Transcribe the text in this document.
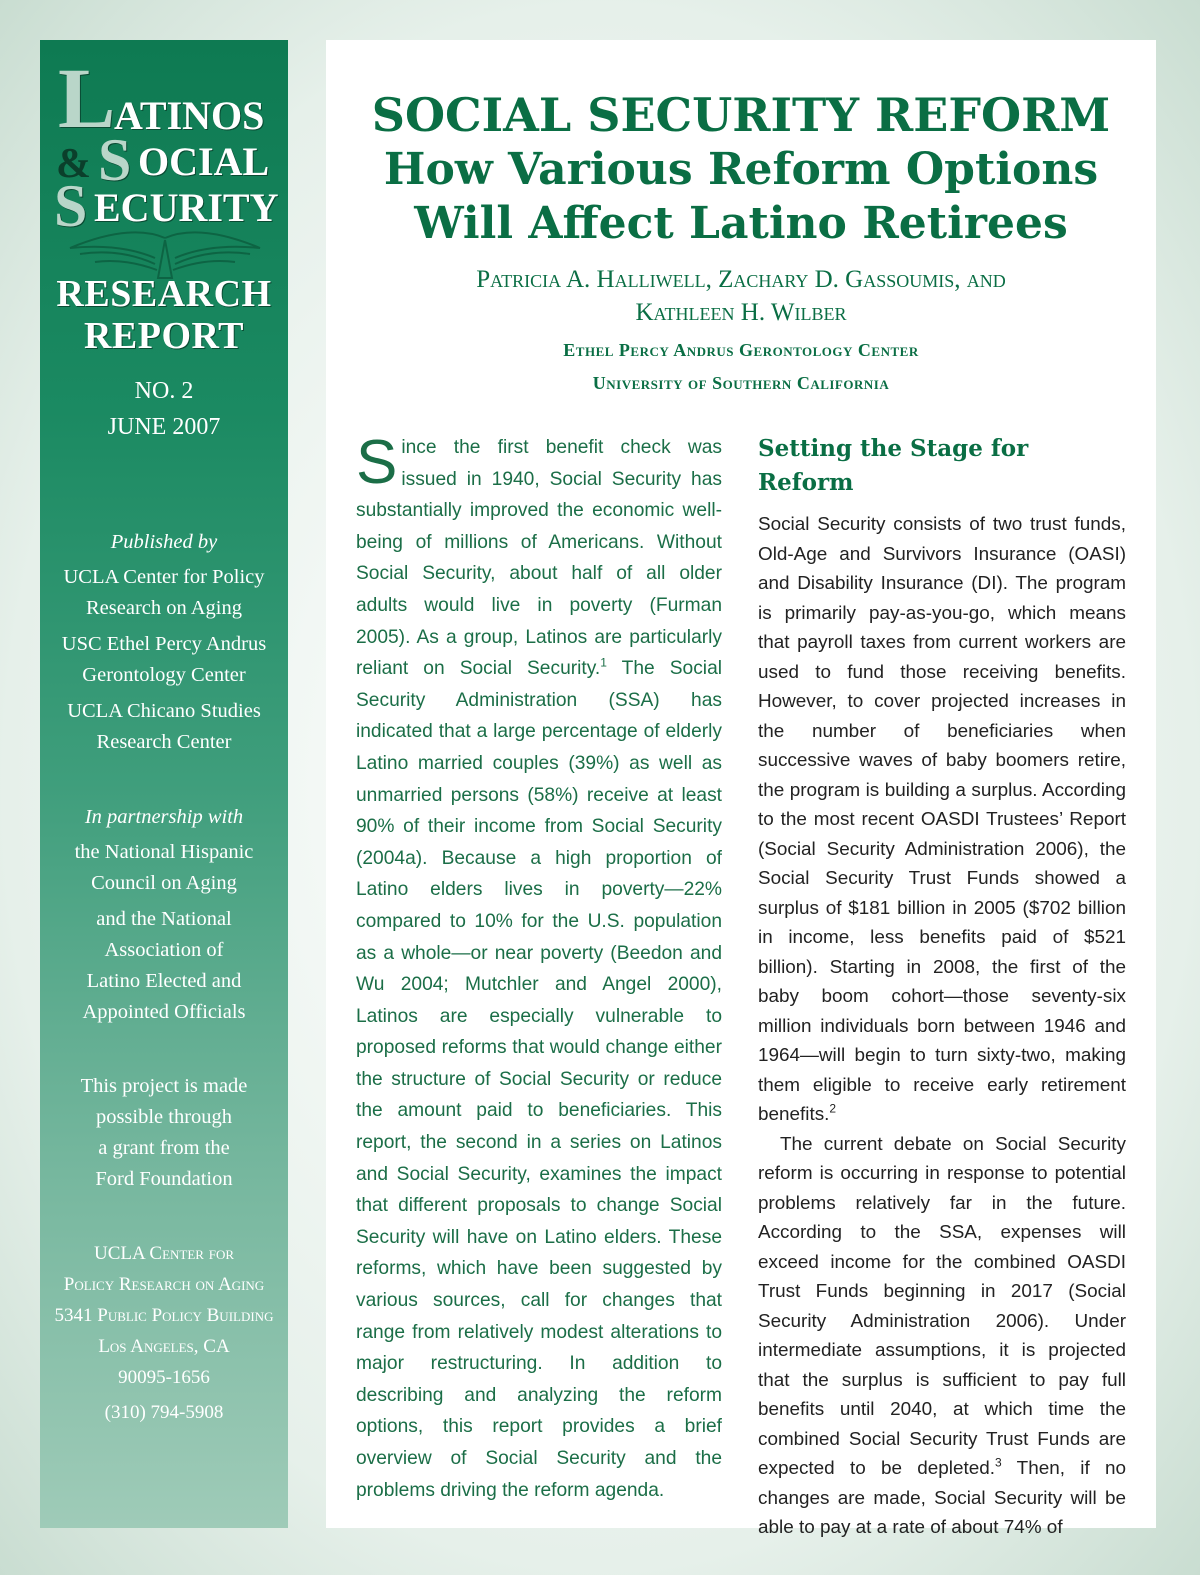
L
ATINOS
& S OCIAL
S ECURITY
RESEARCH
REPORT
NO. 2
JUNE 2007
Published by
UCLA Center for Policy
Research on Aging
USC Ethel Percy Andrus
Gerontology Center
UCLA Chicano Studies
Research Center
In partnership with
the National Hispanic
Council on Aging
and the National
Association of
Latino Elected and
Appointed Officials
This project is made
possible through
a grant from the
Ford Foundation
UCLA Center for
Policy Research on Aging
5341 Public Policy Building
Los Angeles, CA
90095-1656
(310) 794-5908
SOCIAL SECURITY REFORM
How Various Reform Options
Will Affect Latino Retirees
Patricia A. Halliwell, Zachary D. Gassoumis, and
Kathleen H. Wilber
Ethel Percy Andrus Gerontology Center
University of Southern California

Since the first benefit check was issued in 1940, Social Security has substantially improved the economic well-being of millions of Americans. Without Social Security, about half of all older adults would live in poverty (Furman 2005). As a group, Latinos are particularly reliant on Social Security.$^1$ The Social Security Administration (SSA) has indicated that a large percentage of elderly Latino married couples (39%) as well as unmarried persons (58%) receive at least 90% of their income from Social Security (2004a). Because a high proportion of Latino elders lives in poverty—22% compared to 10% for the U.S. population as a whole—or near poverty (Beedon and Wu 2004; Mutchler and Angel 2000), Latinos are especially vulnerable to proposed reforms that would change either the structure of Social Security or reduce the amount paid to beneficiaries. This report, the second in a series on Latinos and Social Security, examines the impact that different proposals to change Social Security will have on Latino elders. These reforms, which have been suggested by various sources, call for changes that range from relatively modest alterations to major restructuring. In addition to describing and analyzing the reform options, this report provides a brief overview of Social Security and the problems driving the reform agenda.

Setting the Stage for Reform

Social Security consists of two trust funds, Old-Age and Survivors Insurance (OASI) and Disability Insurance (DI). The program is primarily pay-as-you-go, which means that payroll taxes from current workers are used to fund those receiving benefits. However, to cover projected increases in the number of beneficiaries when successive waves of baby boomers retire, the program is building a surplus. According to the most recent OASDI Trustees’ Report (Social Security Administration 2006), the Social Security Trust Funds showed a surplus of $181 billion in 2005 ($702 billion in income, less benefits paid of $521 billion). Starting in 2008, the first of the baby boom cohort—those seventy-six million individuals born between 1946 and 1964—will begin to turn sixty-two, making them eligible to receive early retirement benefits.$^2$

The current debate on Social Security reform is occurring in response to potential problems relatively far in the future. According to the SSA, expenses will exceed income for the combined OASDI Trust Funds beginning in 2017 (Social Security Administration 2006). Under intermediate assumptions, it is projected that the surplus is sufficient to pay full benefits until 2040, at which time the combined Social Security Trust Funds are expected to be depleted.$^3$ Then, if no changes are made, Social Security will be able to pay at a rate of about 74% of
